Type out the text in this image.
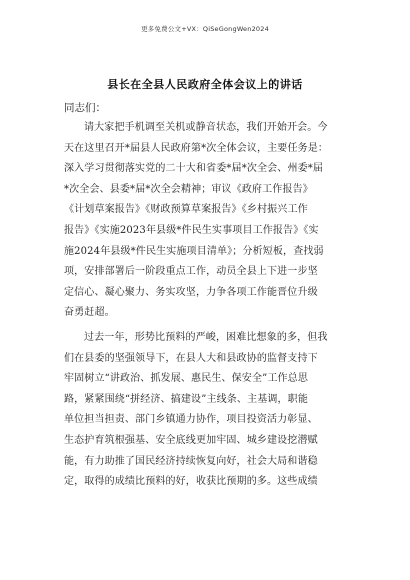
更多免费公文+VX：QiSeGongWen2024
县长在全县人民政府全体会议上的讲话
同志们：
请大家把手机调至关机或静音状态，我们开始开会。今
天在这里召开*届县人民政府第*次全体会议，主要任务是：
深入学习贯彻落实党的二十大和省委*届*次全会、州委*届
*次全会、县委*届*次全会精神；审议《政府工作报告》
《计划草案报告》《财政预算草案报告》《乡村振兴工作
报告》《实施2023年县级*件民生实事项目工作报告》《实
施2024年县级*件民生实施项目清单》；分析短板，查找弱
项，安排部署后一阶段重点工作，动员全县上下进一步坚
定信心、凝心聚力、务实攻坚，力争各项工作能晋位升级
奋勇赶超。
过去一年，形势比预料的严峻，困难比想象的多，但我
们在县委的坚强领导下，在县人大和县政协的监督支持下
牢固树立“讲政治、抓发展、惠民生、保安全”工作总思
路，紧紧围绕“拼经济、搞建设”主线条、主基调，职能
单位担当担责、部门乡镇通力协作，项目投资活力彰显、
生态护育筑根强基、安全底线更加牢固、城乡建设挖潜赋
能，有力助推了国民经济持续恢复向好，社会大局和谐稳
定，取得的成绩比预料的好，收获比预期的多。这些成绩
